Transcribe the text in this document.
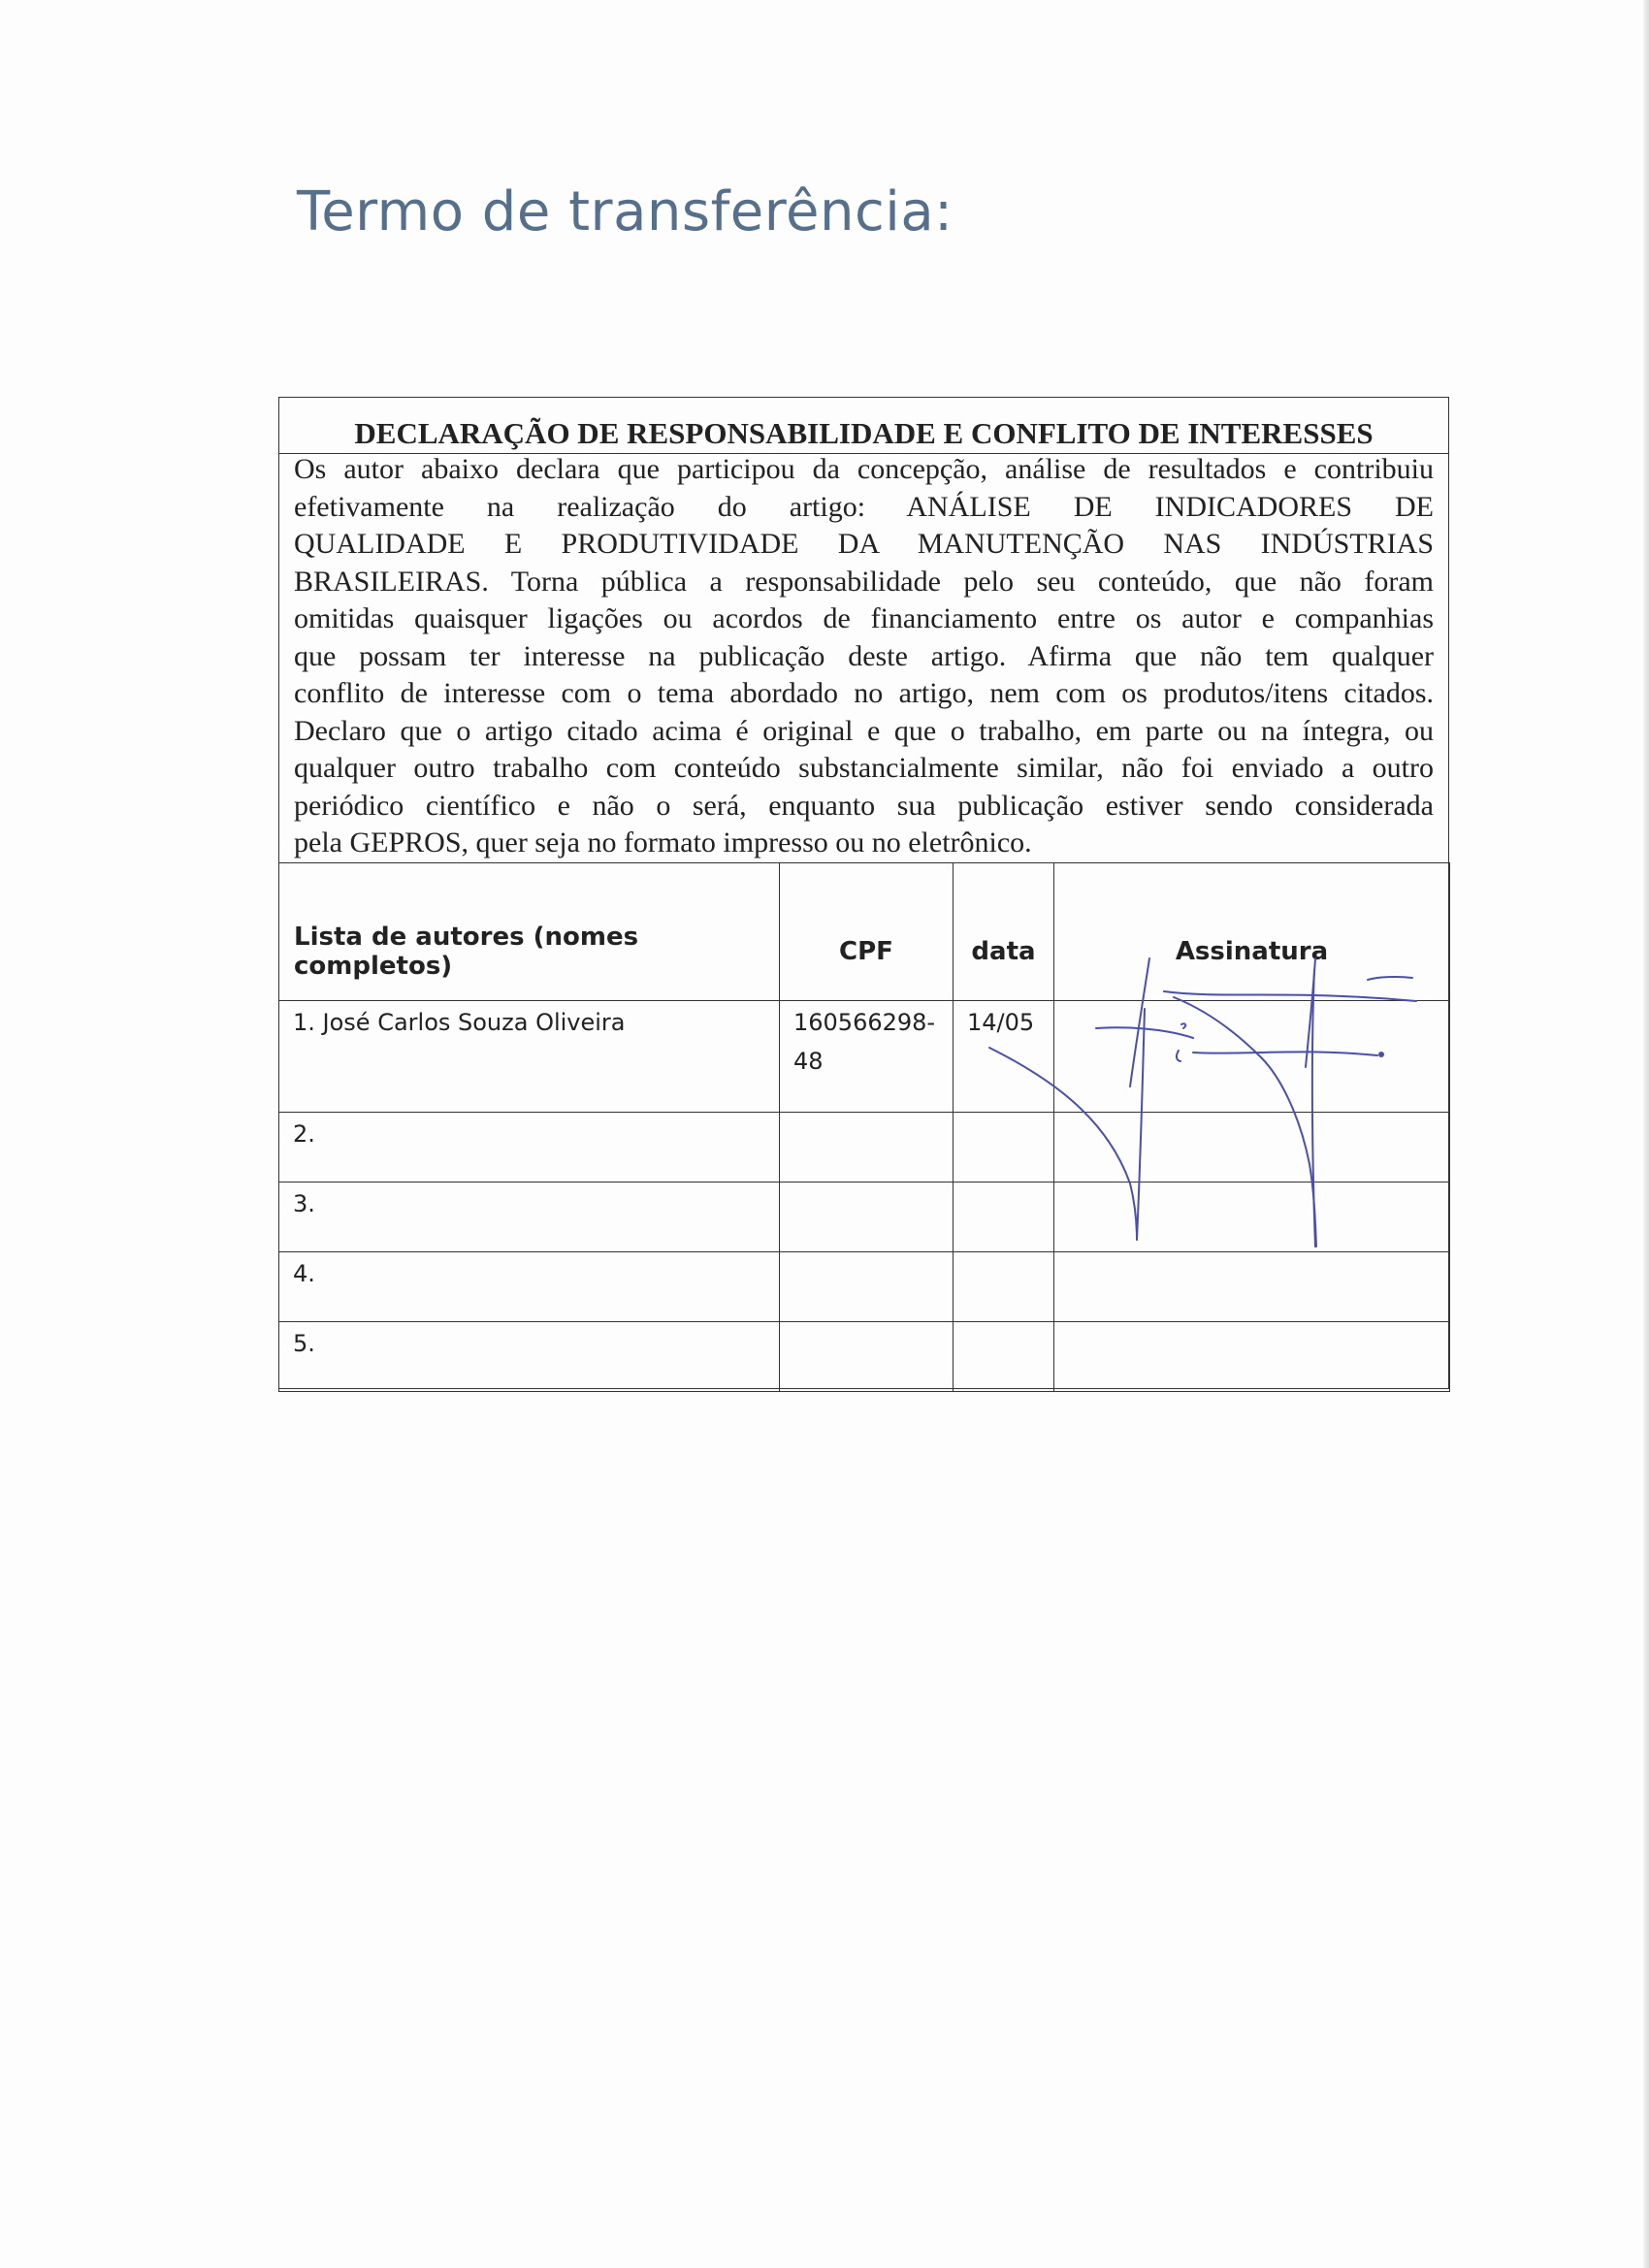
Termo de transferência:
DECLARAÇÃO DE RESPONSABILIDADE E CONFLITO DE INTERESSES
Os autor abaixo declara que participou da concepção, análise de resultados e contribuiu
efetivamente na realização do artigo: ANÁLISE DE INDICADORES DE
QUALIDADE E PRODUTIVIDADE DA MANUTENÇÃO NAS INDÚSTRIAS
BRASILEIRAS. Torna pública a responsabilidade pelo seu conteúdo, que não foram
omitidas quaisquer ligações ou acordos de financiamento entre os autor e companhias
que possam ter interesse na publicação deste artigo. Afirma que não tem qualquer
conflito de interesse com o tema abordado no artigo, nem com os produtos/itens citados.
Declaro que o artigo citado acima é original e que o trabalho, em parte ou na íntegra, ou
qualquer outro trabalho com conteúdo substancialmente similar, não foi enviado a outro
periódico científico e não o será, enquanto sua publicação estiver sendo considerada
pela GEPROS, quer seja no formato impresso ou no eletrônico.
Lista de autores (nomes completos)	CPF	data	Assinatura
1. José Carlos Souza Oliveira	160566298-48	14/05	
2.			
3.			
4.			
5.			
